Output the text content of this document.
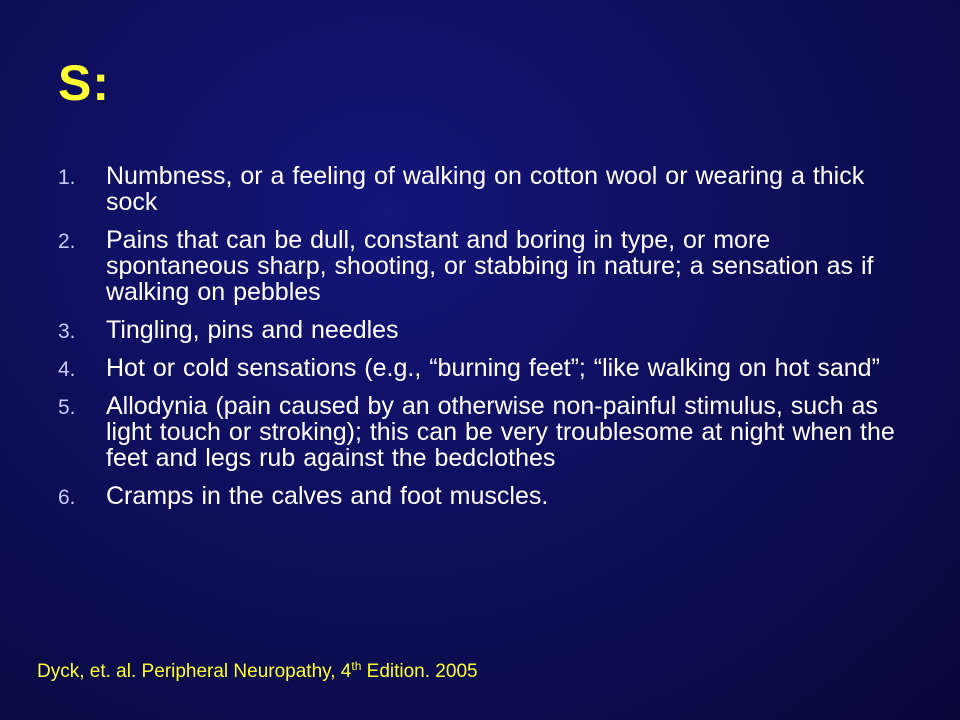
S:
1. Numbness, or a feeling of walking on cotton wool or wearing a thick sock
2. Pains that can be dull, constant and boring in type, or more spontaneous sharp, shooting, or stabbing in nature; a sensation as if walking on pebbles
3. Tingling, pins and needles
4. Hot or cold sensations (e.g., “burning feet”; “like walking on hot sand”
5. Allodynia (pain caused by an otherwise non-painful stimulus, such as light touch or stroking); this can be very troublesome at night when the feet and legs rub against the bedclothes
6. Cramps in the calves and foot muscles.
Dyck, et. al. Peripheral Neuropathy, 4th Edition. 2005
